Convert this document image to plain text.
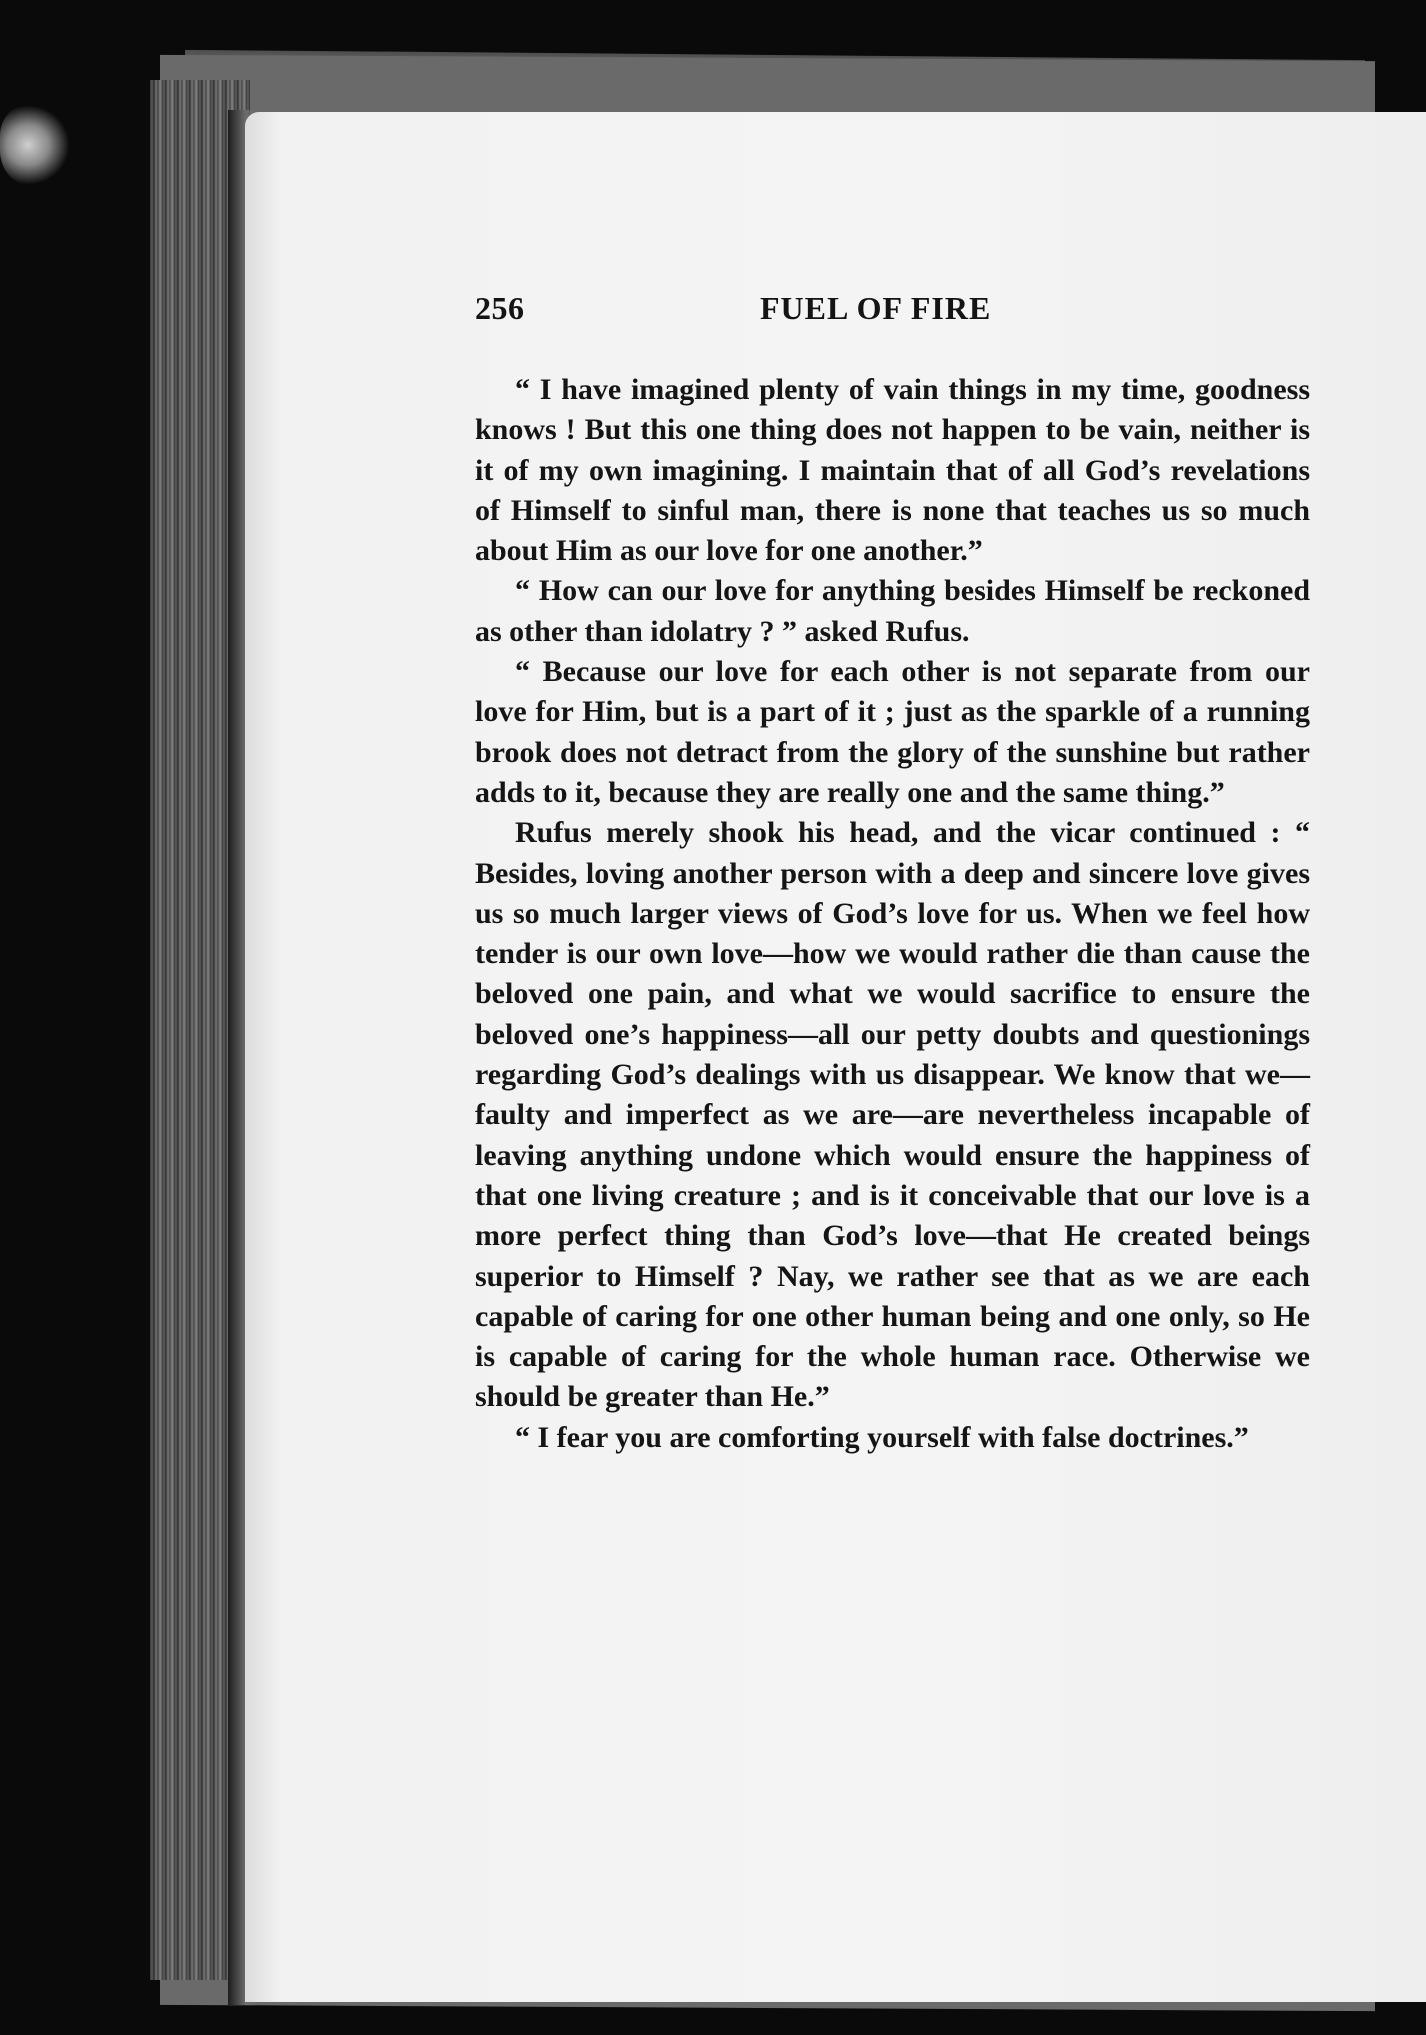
256	FUEL OF FIRE

“ I have imagined plenty of vain things in my time, goodness knows ! But this one thing does not happen to be vain, neither is it of my own imagining. I maintain that of all God’s revelations of Himself to sinful man, there is none that teaches us so much about Him as our love for one another.”

“ How can our love for anything besides Himself be reckoned as other than idolatry ? ” asked Rufus.

“ Because our love for each other is not separate from our love for Him, but is a part of it ; just as the sparkle of a running brook does not detract from the glory of the sunshine but rather adds to it, because they are really one and the same thing.”

Rufus merely shook his head, and the vicar continued : “ Besides, loving another person with a deep and sincere love gives us so much larger views of God’s love for us. When we feel how tender is our own love—how we would rather die than cause the beloved one pain, and what we would sacrifice to ensure the beloved one’s happiness—all our petty doubts and questionings regarding God’s dealings with us disappear. We know that we—faulty and imperfect as we are—are nevertheless incapable of leaving anything undone which would ensure the happiness of that one living creature ; and is it conceivable that our love is a more perfect thing than God’s love—that He created beings superior to Himself ? Nay, we rather see that as we are each capable of caring for one other human being and one only, so He is capable of caring for the whole human race. Otherwise we should be greater than He.”

“ I fear you are comforting yourself with false doctrines.”
